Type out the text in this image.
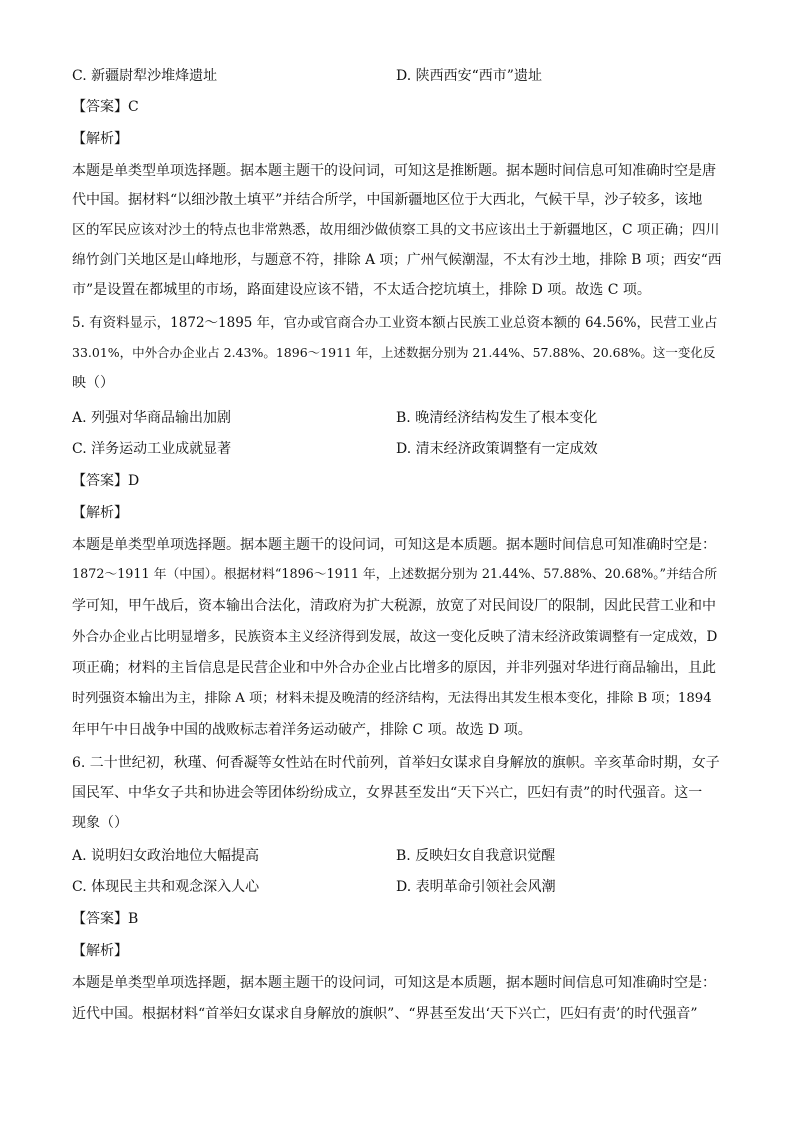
C. 新疆尉犁沙堆烽遗址	D. 陕西西安“西市”遗址
【答案】C
【解析】
本题是单类型单项选择题。据本题主题干的设问词，可知这是推断题。据本题时间信息可知准确时空是唐
代中国。据材料“以细沙散土填平”并结合所学，中国新疆地区位于大西北，气候干旱，沙子较多，该地
区的军民应该对沙土的特点也非常熟悉，故用细沙做侦察工具的文书应该出土于新疆地区，C 项正确；四川
绵竹剑门关地区是山峰地形，与题意不符，排除 A 项；广州气候潮湿，不太有沙土地，排除 B 项；西安“西
市”是设置在都城里的市场，路面建设应该不错，不太适合挖坑填土，排除 D 项。故选 C 项。
5. 有资料显示，1872～1895 年，官办或官商合办工业资本额占民族工业总资本额的 64.56%，民营工业占
33.01%，中外合办企业占 2.43%。1896～1911 年，上述数据分别为 21.44%、57.88%、20.68%。这一变化反
映（）
A. 列强对华商品输出加剧	B. 晚清经济结构发生了根本变化
C. 洋务运动工业成就显著	D. 清末经济政策调整有一定成效
【答案】D
【解析】
本题是单类型单项选择题。据本题主题干的设问词，可知这是本质题。据本题时间信息可知准确时空是：
1872～1911 年（中国）。根据材料“1896～1911 年，上述数据分别为 21.44%、57.88%、20.68%。”并结合所
学可知，甲午战后，资本输出合法化，清政府为扩大税源，放宽了对民间设厂的限制，因此民营工业和中
外合办企业占比明显增多，民族资本主义经济得到发展，故这一变化反映了清末经济政策调整有一定成效，D
项正确；材料的主旨信息是民营企业和中外合办企业占比增多的原因，并非列强对华进行商品输出，且此
时列强资本输出为主，排除 A 项；材料未提及晚清的经济结构，无法得出其发生根本变化，排除 B 项；1894
年甲午中日战争中国的战败标志着洋务运动破产，排除 C 项。故选 D 项。
6. 二十世纪初，秋瑾、何香凝等女性站在时代前列，首举妇女谋求自身解放的旗帜。辛亥革命时期，女子
国民军、中华女子共和协进会等团体纷纷成立，女界甚至发出“天下兴亡，匹妇有责”的时代强音。这一
现象（）
A. 说明妇女政治地位大幅提高	B. 反映妇女自我意识觉醒
C. 体现民主共和观念深入人心	D. 表明革命引领社会风潮
【答案】B
【解析】
本题是单类型单项选择题，据本题主题干的设问词，可知这是本质题，据本题时间信息可知准确时空是：
近代中国。根据材料“首举妇女谋求自身解放的旗帜”、“界甚至发出‘天下兴亡，匹妇有责’的时代强音”
